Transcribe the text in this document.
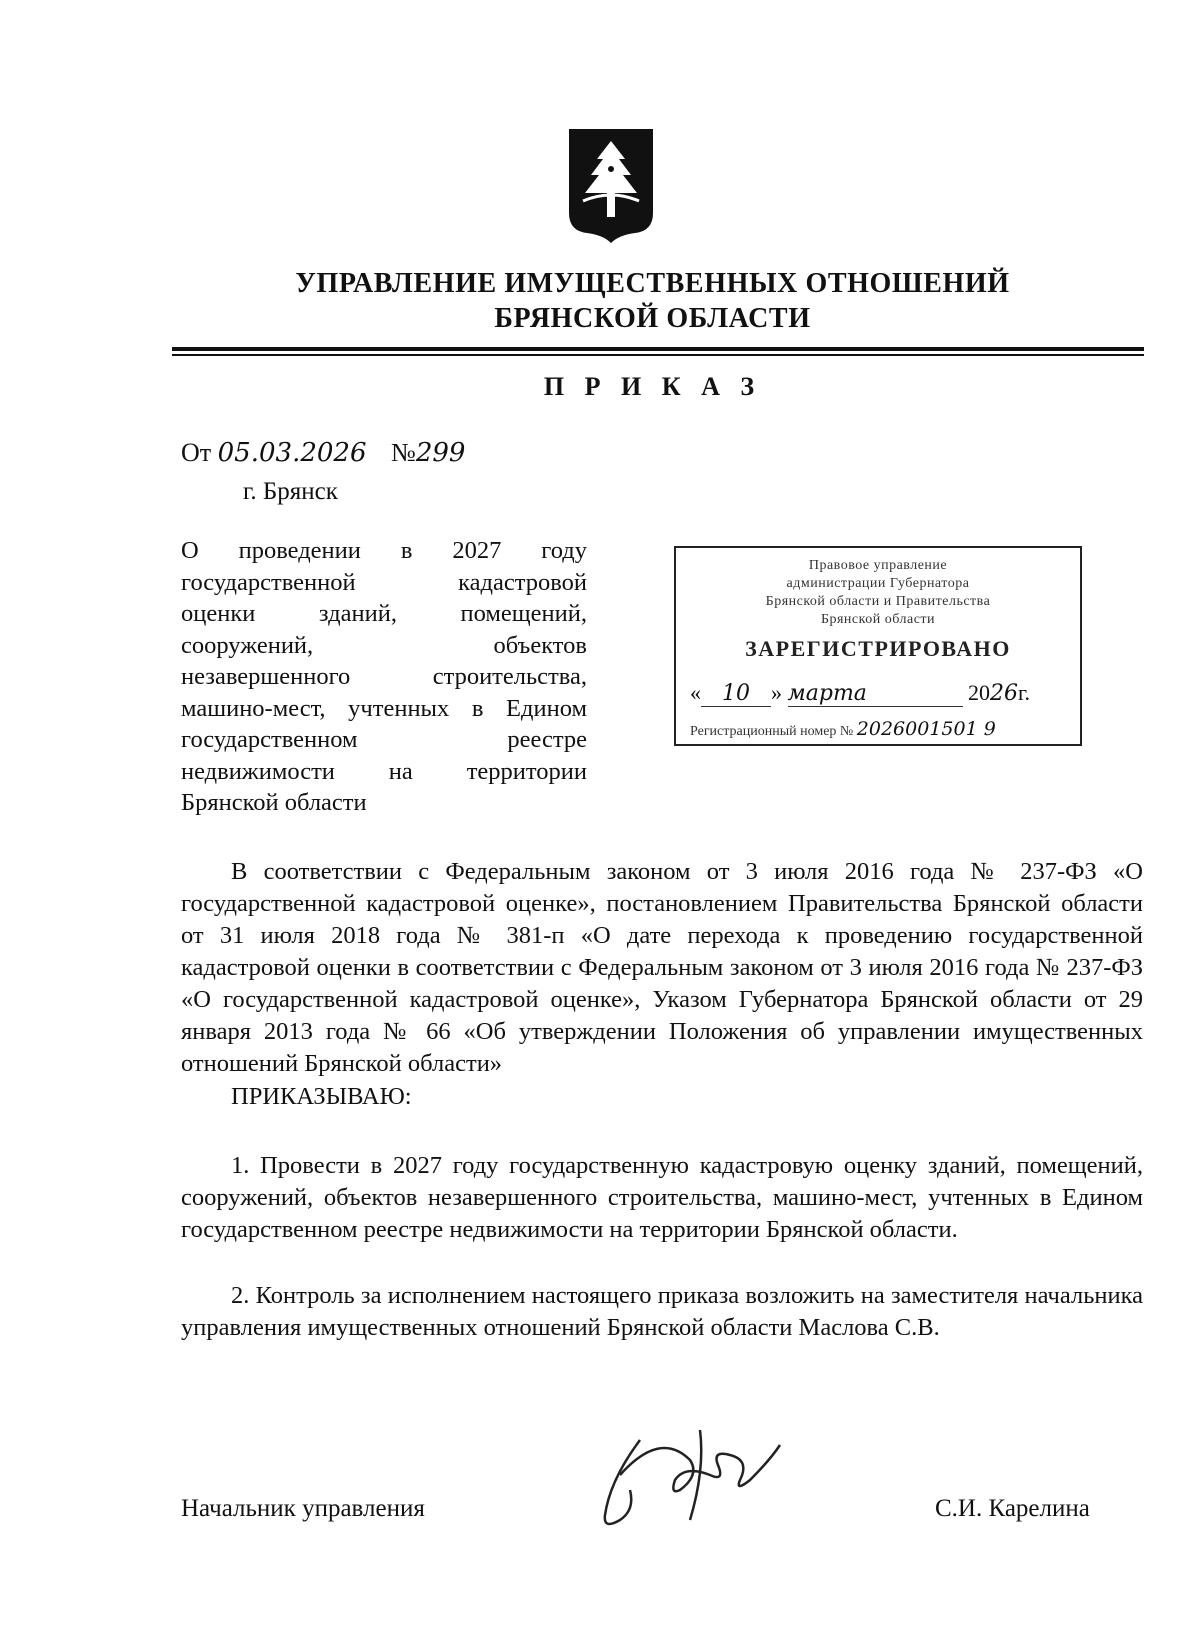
УПРАВЛЕНИЕ ИМУЩЕСТВЕННЫХ ОТНОШЕНИЙ
БРЯНСКОЙ ОБЛАСТИ
П Р И К А З
От 05.03.2026 №299
г. Брянск
О проведении в 2027 году
государственной кадастровой
оценки зданий, помещений,
сооружений, объектов
незавершенного строительства,
машино-мест, учтенных в Едином
государственном реестре
недвижимости на территории
Брянской области
Правовое управление
администрации Губернатора
Брянской области и Правительства
Брянской области
ЗАРЕГИСТРИРОВАНО
« 10 » марта	2026г.
Регистрационный номер № 2026001501 9
В соответствии с Федеральным законом от 3 июля 2016 года № 237-ФЗ «О государственной кадастровой оценке», постановлением Правительства Брянской области от 31 июля 2018 года № 381-п «О дате перехода к проведению государственной кадастровой оценки в соответствии с Федеральным законом от 3 июля 2016 года № 237-ФЗ «О государственной кадастровой оценке», Указом Губернатора Брянской области от 29 января 2013 года № 66 «Об утверждении Положения об управлении имущественных отношений Брянской области»
ПРИКАЗЫВАЮ:
1. Провести в 2027 году государственную кадастровую оценку зданий, помещений, сооружений, объектов незавершенного строительства, машино-мест, учтенных в Едином государственном реестре недвижимости на территории Брянской области.
2. Контроль за исполнением настоящего приказа возложить на заместителя начальника управления имущественных отношений Брянской области Маслова С.В.
Начальник управления	С.И. Карелина
